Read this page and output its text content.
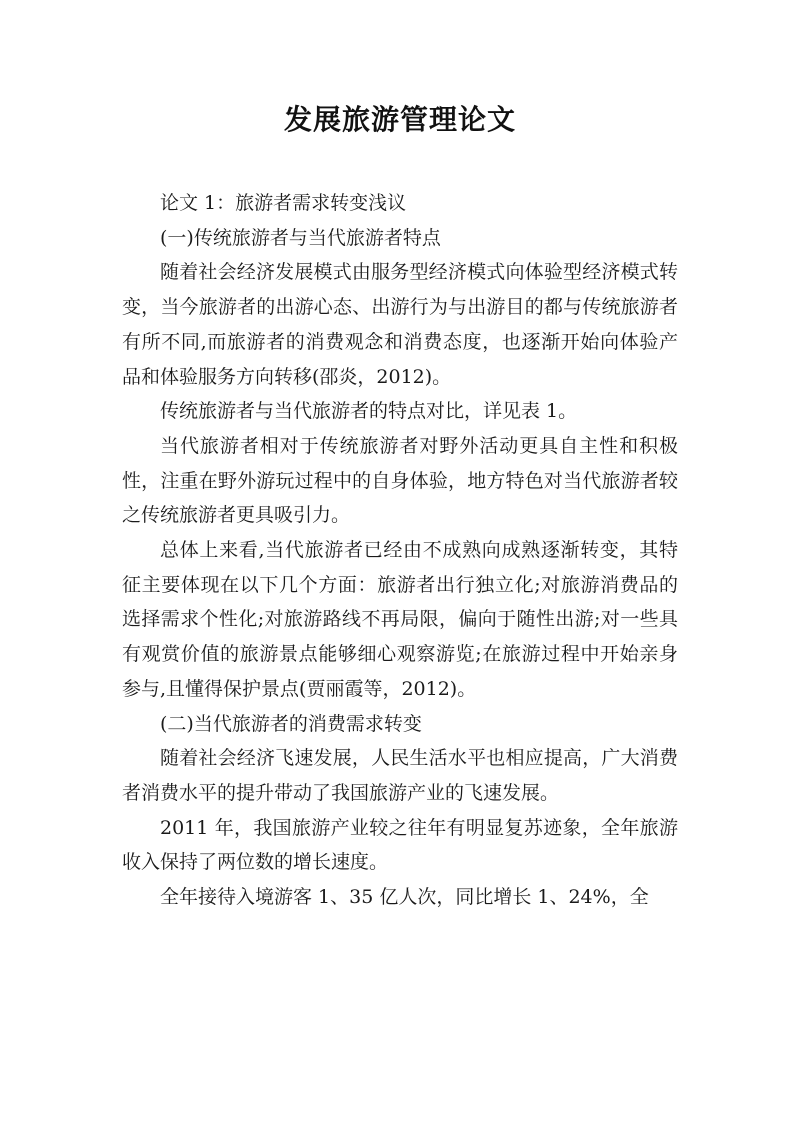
发展旅游管理论文

论文 1：旅游者需求转变浅议

(一)传统旅游者与当代旅游者特点

随着社会经济发展模式由服务型经济模式向体验型经济模式转变，当今旅游者的出游心态、出游行为与出游目的都与传统旅游者有所不同,而旅游者的消费观念和消费态度，也逐渐开始向体验产品和体验服务方向转移(邵炎，2012)。

传统旅游者与当代旅游者的特点对比，详见表 1。

当代旅游者相对于传统旅游者对野外活动更具自主性和积极性，注重在野外游玩过程中的自身体验，地方特色对当代旅游者较之传统旅游者更具吸引力。

总体上来看,当代旅游者已经由不成熟向成熟逐渐转变，其特征主要体现在以下几个方面：旅游者出行独立化;对旅游消费品的选择需求个性化;对旅游路线不再局限，偏向于随性出游;对一些具有观赏价值的旅游景点能够细心观察游览;在旅游过程中开始亲身参与,且懂得保护景点(贾丽霞等，2012)。

(二)当代旅游者的消费需求转变

随着社会经济飞速发展，人民生活水平也相应提高，广大消费者消费水平的提升带动了我国旅游产业的飞速发展。

2011 年，我国旅游产业较之往年有明显复苏迹象，全年旅游收入保持了两位数的增长速度。

全年接待入境游客 1、35 亿人次，同比增长 1、24%，全
